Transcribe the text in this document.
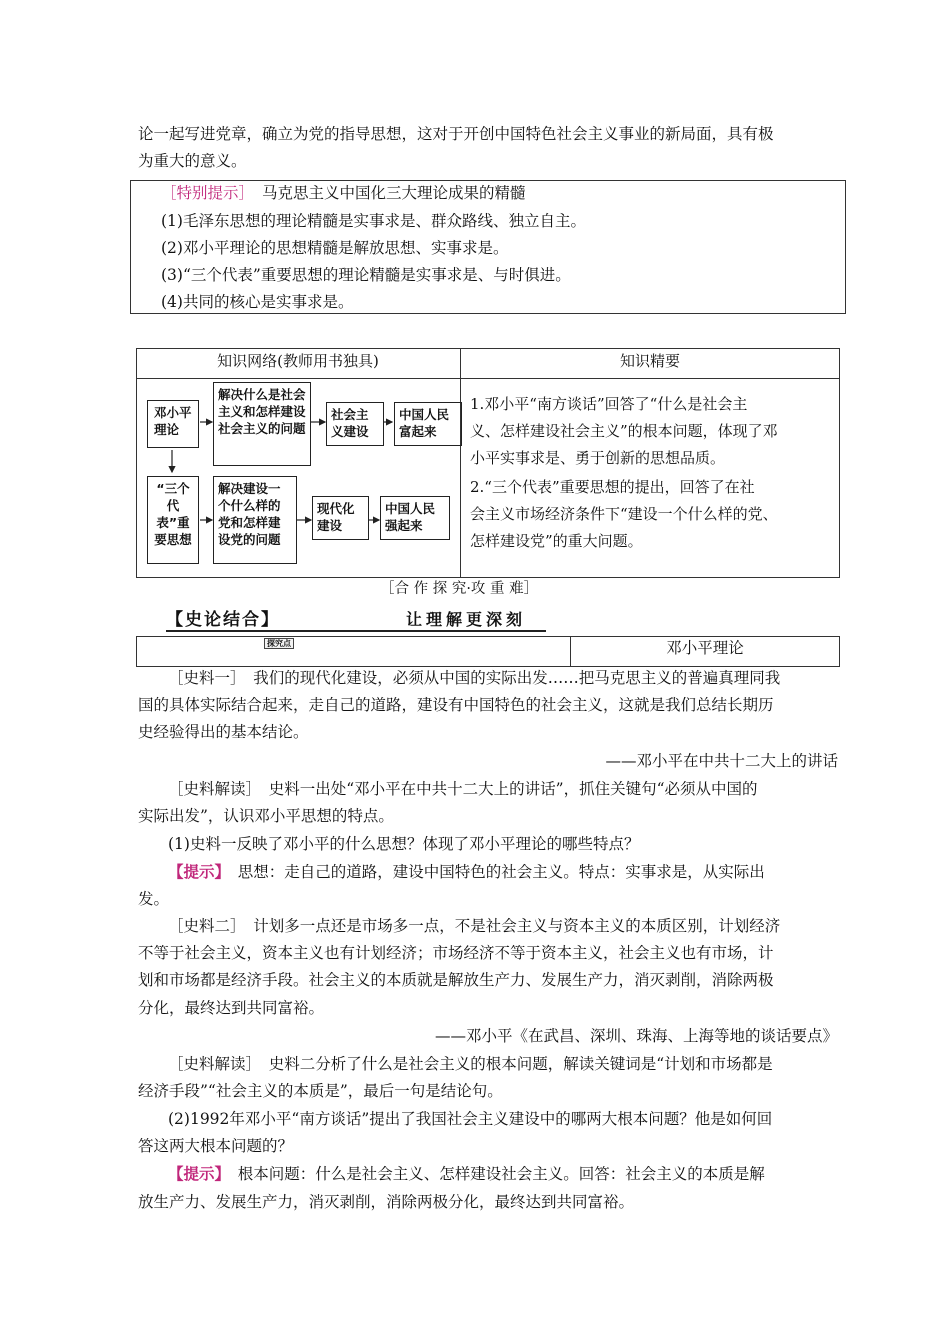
论一起写进党章，确立为党的指导思想，这对于开创中国特色社会主义事业的新局面，具有极
为重大的意义。
［特别提示］ 马克思主义中国化三大理论成果的精髓
(1)毛泽东思想的理论精髓是实事求是、群众路线、独立自主。
(2)邓小平理论的思想精髓是解放思想、实事求是。
(3)“三个代表”重要思想的理论精髓是实事求是、与时俱进。
(4)共同的核心是实事求是。
知识网络(教师用书独具)	知识精要
邓小平理论
解决什么是社会主义和怎样建设社会主义的问题
社会主义建设
中国人民富起来
“三个代表”重要思想
解决建设一个什么样的党和怎样建设党的问题
现代化建设
中国人民强起来
1.邓小平“南方谈话”回答了“什么是社会主
义、怎样建设社会主义”的根本问题，体现了邓
小平实事求是、勇于创新的思想品质。
2.“三个代表”重要思想的提出，回答了在社
会主义市场经济条件下“建设一个什么样的党、
怎样建设党”的重大问题。
［合 作 探 究·攻 重 难］
【史论结合】	让理解更深刻
探究点	邓小平理论
［史料一］　我们的现代化建设，必须从中国的实际出发……把马克思主义的普遍真理同我
国的具体实际结合起来，走自己的道路，建设有中国特色的社会主义，这就是我们总结长期历
史经验得出的基本结论。
——邓小平在中共十二大上的讲话
［史料解读］　史料一出处“邓小平在中共十二大上的讲话”，抓住关键句“必须从中国的
实际出发”，认识邓小平思想的特点。
(1)史料一反映了邓小平的什么思想？体现了邓小平理论的哪些特点？
【提示】　思想：走自己的道路，建设中国特色的社会主义。特点：实事求是，从实际出
发。
［史料二］　计划多一点还是市场多一点，不是社会主义与资本主义的本质区别，计划经济
不等于社会主义，资本主义也有计划经济；市场经济不等于资本主义，社会主义也有市场，计
划和市场都是经济手段。社会主义的本质就是解放生产力、发展生产力，消灭剥削，消除两极
分化，最终达到共同富裕。
——邓小平《在武昌、深圳、珠海、上海等地的谈话要点》
［史料解读］　史料二分析了什么是社会主义的根本问题，解读关键词是“计划和市场都是
经济手段”“社会主义的本质是”，最后一句是结论句。
(2)1992年邓小平“南方谈话”提出了我国社会主义建设中的哪两大根本问题？他是如何回
答这两大根本问题的？
【提示】　根本问题：什么是社会主义、怎样建设社会主义。回答：社会主义的本质是解
放生产力、发展生产力，消灭剥削，消除两极分化，最终达到共同富裕。
